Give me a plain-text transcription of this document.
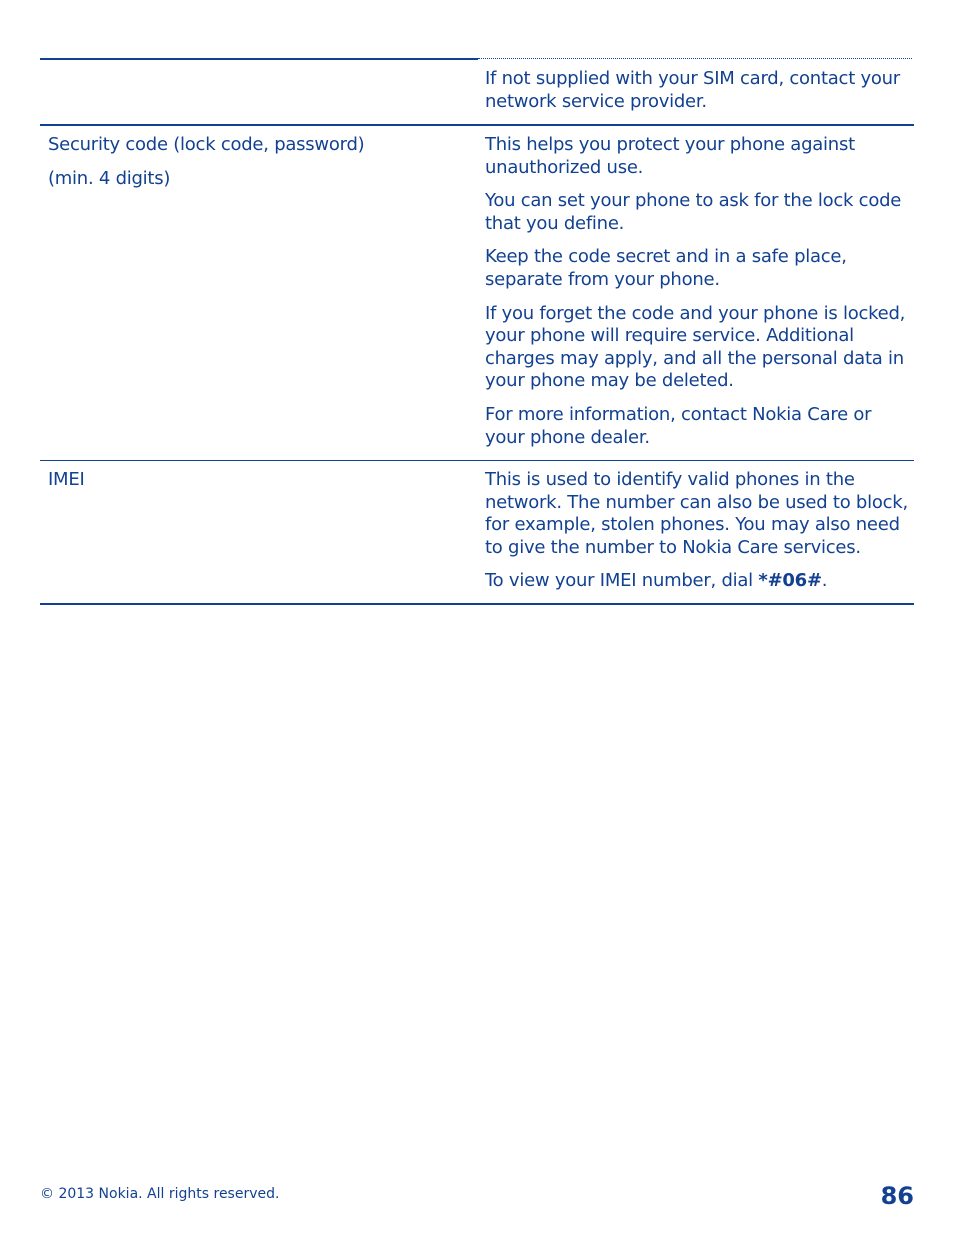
If not supplied with your SIM card, contact your network service provider.

Security code (lock code, password)

(min. 4 digits)

This helps you protect your phone against unauthorized use.

You can set your phone to ask for the lock code that you define.

Keep the code secret and in a safe place, separate from your phone.

If you forget the code and your phone is locked, your phone will require service. Additional charges may apply, and all the personal data in your phone may be deleted.

For more information, contact Nokia Care or your phone dealer.

IMEI	This is used to identify valid phones in the network. The number can also be used to block, for example, stolen phones. You may also need to give the number to Nokia Care services.

To view your IMEI number, dial *#06#.

© 2013 Nokia. All rights reserved.	86
